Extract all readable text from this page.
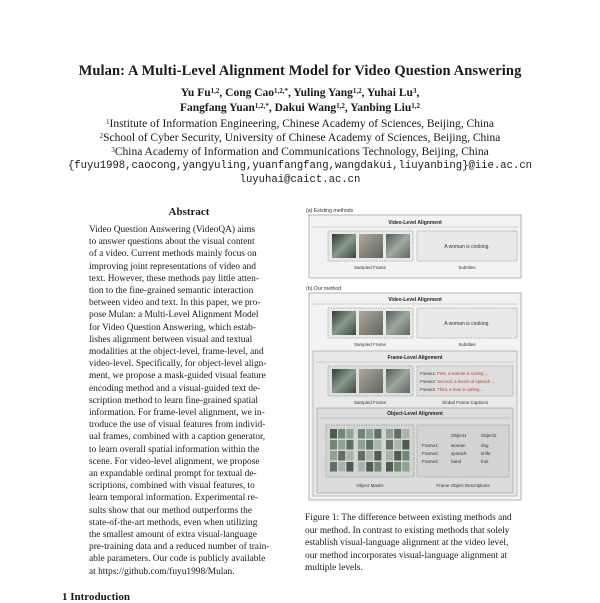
Mulan: A Multi-Level Alignment Model for Video Question Answering
Yu Fu$^{1,2}$, Cong Cao$^{1,2,*}$, Yuling Yang$^{1,2}$, Yuhai Lu$^3$,
Fangfang Yuan$^{1,2,*}$, Dakui Wang$^{1,2}$, Yanbing Liu$^{1,2}$
$^1$Institute of Information Engineering, Chinese Academy of Sciences, Beijing, China
$^2$School of Cyber Security, University of Chinese Academy of Sciences, Beijing, China
$^3$China Academy of Information and Communications Technology, Beijing, China
{fuyu1998,caocong,yangyuling,yuanfangfang,wangdakui,liuyanbing}@iie.ac.cn
luyuhai@caict.ac.cn
Abstract
Video Question Answering (VideoQA) aims
to answer questions about the visual content
of a video. Current methods mainly focus on
improving joint representations of video and
text. However, these methods pay little atten-
tion to the fine-grained semantic interaction
between video and text. In this paper, we pro-
pose Mulan: a Multi-Level Alignment Model
for Video Question Answering, which estab-
lishes alignment between visual and textual
modalities at the object-level, frame-level, and
video-level. Specifically, for object-level align-
ment, we propose a mask-guided visual feature
encoding method and a visual-guided text de-
scription method to learn fine-grained spatial
information. For frame-level alignment, we in-
troduce the use of visual features from individ-
ual frames, combined with a caption generator,
to learn overall spatial information within the
scene. For video-level alignment, we propose
an expandable ordinal prompt for textual de-
scriptions, combined with visual features, to
learn temporal information. Experimental re-
sults show that our method outperforms the
state-of-the-art methods, even when utilizing
the smallest amount of extra visual-language
pre-training data and a reduced number of train-
able parameters. Our code is publicly available
at https://github.com/fuyu1998/Mulan.
1 Introduction
(a) Existing methods
Video-Level Alignment
A woman is cooking.
Sampled Frame	Subtitles
(b) Our method
Video-Level Alignment
A woman is cooking.
Sampled Frame	Subtitles
Frame-Level Alignment
Frame1: First, a woman is cutting ...
Frame2: Second, a bunch of spinach ...
Frame3: Third, a man is cutting ...
Sampled Frame	Global Frame Captions
Object-Level Alignment
Object1	Object2
Frame1:	woman	dog
Frame2:	spinach	knife
Frame3:	hand	fruit
Object Masks	Frame Object Descriptions
Figure 1: The difference between existing methods and
our method. In contrast to existing methods that solely
establish visual-language alignment at the video level,
our method incorporates visual-language alignment at
multiple levels.
